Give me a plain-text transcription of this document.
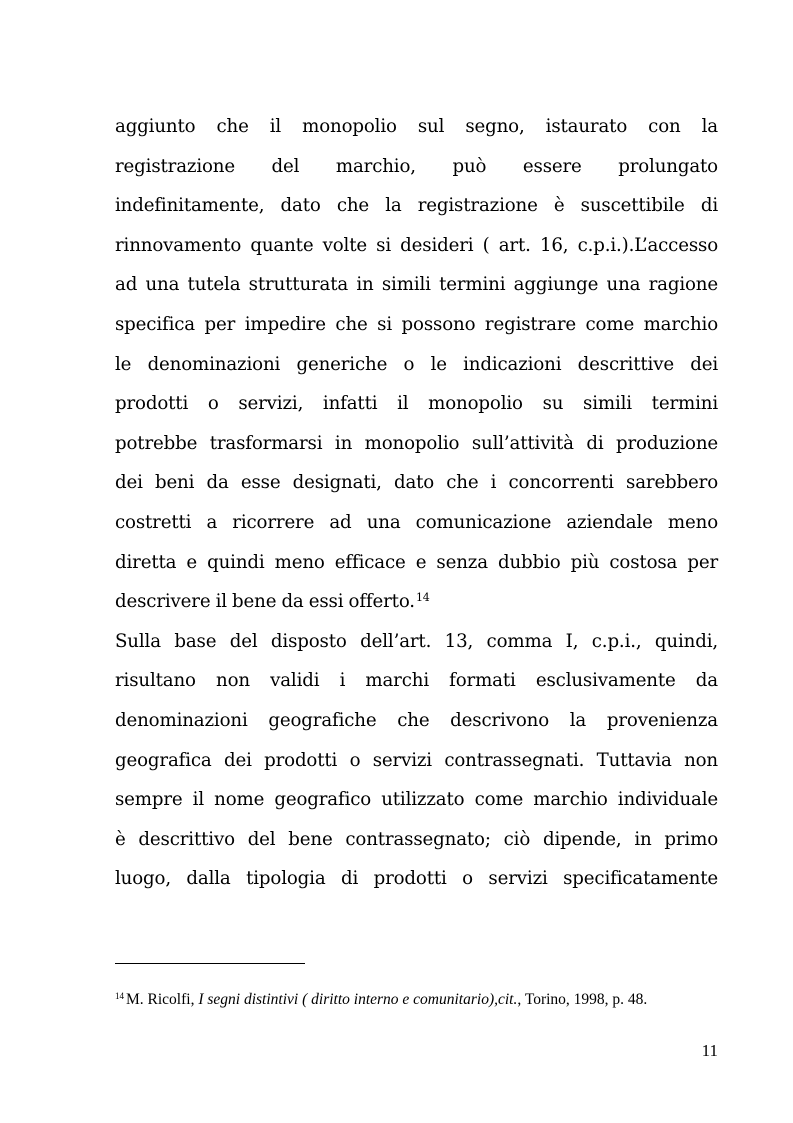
aggiunto che il monopolio sul segno, istaurato con la
registrazione del marchio, può essere prolungato
indefinitamente, dato che la registrazione è suscettibile di
rinnovamento quante volte si desideri ( art. 16, c.p.i.).L’accesso
ad una tutela strutturata in simili termini aggiunge una ragione
specifica per impedire che si possono registrare come marchio
le denominazioni generiche o le indicazioni descrittive dei
prodotti o servizi, infatti il monopolio su simili termini
potrebbe trasformarsi in monopolio sull’attività di produzione
dei beni da esse designati, dato che i concorrenti sarebbero
costretti a ricorrere ad una comunicazione aziendale meno
diretta e quindi meno efficace e senza dubbio più costosa per
descrivere il bene da essi offerto.$^{14}$
Sulla base del disposto dell’art. 13, comma I, c.p.i., quindi,
risultano non validi i marchi formati esclusivamente da
denominazioni geografiche che descrivono la provenienza
geografica dei prodotti o servizi contrassegnati. Tuttavia non
sempre il nome geografico utilizzato come marchio individuale
è descrittivo del bene contrassegnato; ciò dipende, in primo
luogo, dalla tipologia di prodotti o servizi specificatamente
$^{14}$ M. Ricolfi, I segni distintivi ( diritto interno e comunitario),cit., Torino, 1998, p. 48.
11
